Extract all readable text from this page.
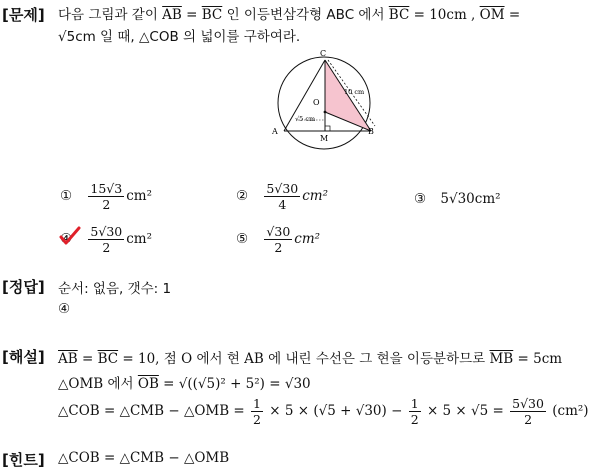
[문제]
[정답]
[해설]
[힌트]
다음 그림과 같이 $\overline{AB} = \overline{BC}$ 인 이등변삼각형 ABC 에서 $\overline{BC} = 10cm$ , $\overline{OM}$ =
√5cm 일 때, △COB 의 넓이를 구하여라.
C
O
A	B
M
10 cm
√5 cm
① $\frac{15√3}{2} cm^2$	② $\frac{5√30}{4} cm^2$	③ 5√30cm²
④ $\frac{5√30}{2} cm^2$	⑤ $\frac{√30}{2} cm^2$
순서: 없음, 갯수: 1
④
$\overline{AB} = \overline{BC} = 10$, 점 O 에서 현 AB 에 내린 수선은 그 현을 이등분하므로 $\overline{MB} = 5cm$
△OMB 에서 $\overline{OB} = √((√5)^2 + 5^2) = √30$
△COB = △CMB − △OMB = $\frac{1}{2} \times 5 \times (√5 + √30) - \frac{1}{2} \times 5 \times √5 = \frac{5√30}{2} (cm^2)$
△COB = △CMB − △OMB
